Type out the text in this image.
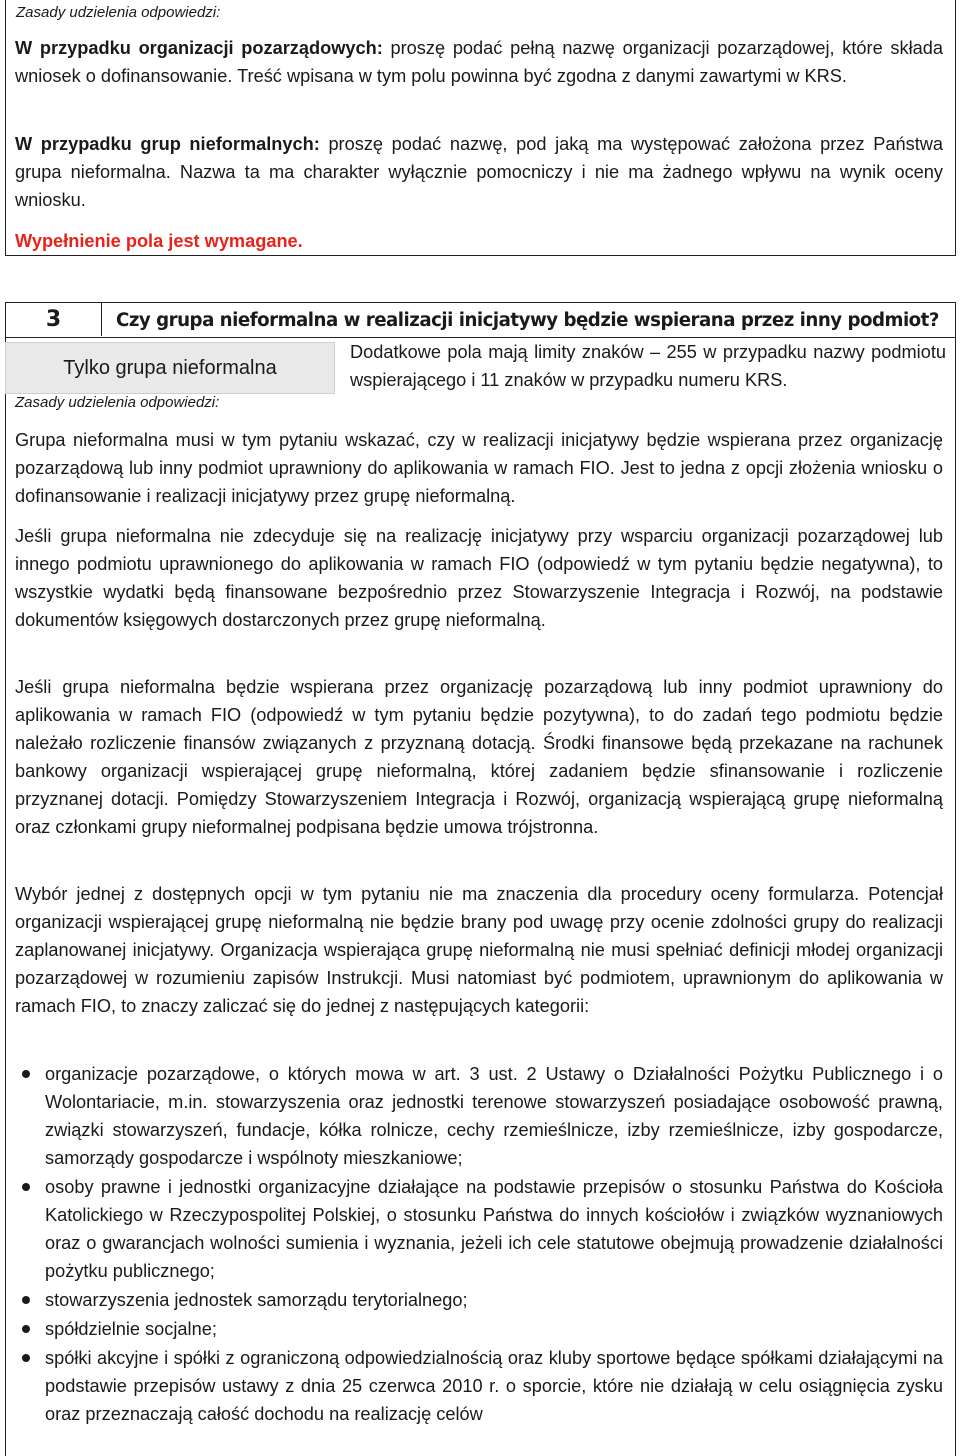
Zasady udzielenia odpowiedzi:
W przypadku organizacji pozarządowych: proszę podać pełną nazwę organizacji pozarządowej, które składa wniosek o dofinansowanie. Treść wpisana w tym polu powinna być zgodna z danymi zawartymi w KRS.
W przypadku grup nieformalnych: proszę podać nazwę, pod jaką ma występować założona przez Państwa grupa nieformalna. Nazwa ta ma charakter wyłącznie pomocniczy i nie ma żadnego wpływu na wynik oceny wniosku.
Wypełnienie pola jest wymagane.
3	Czy grupa nieformalna w realizacji inicjatywy będzie wspierana przez inny podmiot?
Tylko grupa nieformalna
Dodatkowe pola mają limity znaków – 255 w przypadku nazwy podmiotu wspierającego i 11 znaków w przypadku numeru KRS.
Zasady udzielenia odpowiedzi:
Grupa nieformalna musi w tym pytaniu wskazać, czy w realizacji inicjatywy będzie wspierana przez organizację pozarządową lub inny podmiot uprawniony do aplikowania w ramach FIO. Jest to jedna z opcji złożenia wniosku o dofinansowanie i realizacji inicjatywy przez grupę nieformalną.
Jeśli grupa nieformalna nie zdecyduje się na realizację inicjatywy przy wsparciu organizacji pozarządowej lub innego podmiotu uprawnionego do aplikowania w ramach FIO (odpowiedź w tym pytaniu będzie negatywna), to wszystkie wydatki będą finansowane bezpośrednio przez Stowarzyszenie Integracja i Rozwój, na podstawie dokumentów księgowych dostarczonych przez grupę nieformalną.
Jeśli grupa nieformalna będzie wspierana przez organizację pozarządową lub inny podmiot uprawniony do aplikowania w ramach FIO (odpowiedź w tym pytaniu będzie pozytywna), to do zadań tego podmiotu będzie należało rozliczenie finansów związanych z przyznaną dotacją. Środki finansowe będą przekazane na rachunek bankowy organizacji wspierającej grupę nieformalną, której zadaniem będzie sfinansowanie i rozliczenie przyznanej dotacji. Pomiędzy Stowarzyszeniem Integracja i Rozwój, organizacją wspierającą grupę nieformalną oraz członkami grupy nieformalnej podpisana będzie umowa trójstronna.
Wybór jednej z dostępnych opcji w tym pytaniu nie ma znaczenia dla procedury oceny formularza. Potencjał organizacji wspierającej grupę nieformalną nie będzie brany pod uwagę przy ocenie zdolności grupy do realizacji zaplanowanej inicjatywy. Organizacja wspierająca grupę nieformalną nie musi spełniać definicji młodej organizacji pozarządowej w rozumieniu zapisów Instrukcji. Musi natomiast być podmiotem, uprawnionym do aplikowania w ramach FIO, to znaczy zaliczać się do jednej z następujących kategorii:
organizacje pozarządowe, o których mowa w art. 3 ust. 2 Ustawy o Działalności Pożytku Publicznego i o Wolontariacie, m.in. stowarzyszenia oraz jednostki terenowe stowarzyszeń posiadające osobowość prawną, związki stowarzyszeń, fundacje, kółka rolnicze, cechy rzemieślnicze, izby rzemieślnicze, izby gospodarcze, samorządy gospodarcze i wspólnoty mieszkaniowe;
osoby prawne i jednostki organizacyjne działające na podstawie przepisów o stosunku Państwa do Kościoła Katolickiego w Rzeczypospolitej Polskiej, o stosunku Państwa do innych kościołów i związków wyznaniowych oraz o gwarancjach wolności sumienia i wyznania, jeżeli ich cele statutowe obejmują prowadzenie działalności pożytku publicznego;
stowarzyszenia jednostek samorządu terytorialnego;
spółdzielnie socjalne;
spółki akcyjne i spółki z ograniczoną odpowiedzialnością oraz kluby sportowe będące spółkami działającymi na podstawie przepisów ustawy z dnia 25 czerwca 2010 r. o sporcie, które nie działają w celu osiągnięcia zysku oraz przeznaczają całość dochodu na realizację celów
